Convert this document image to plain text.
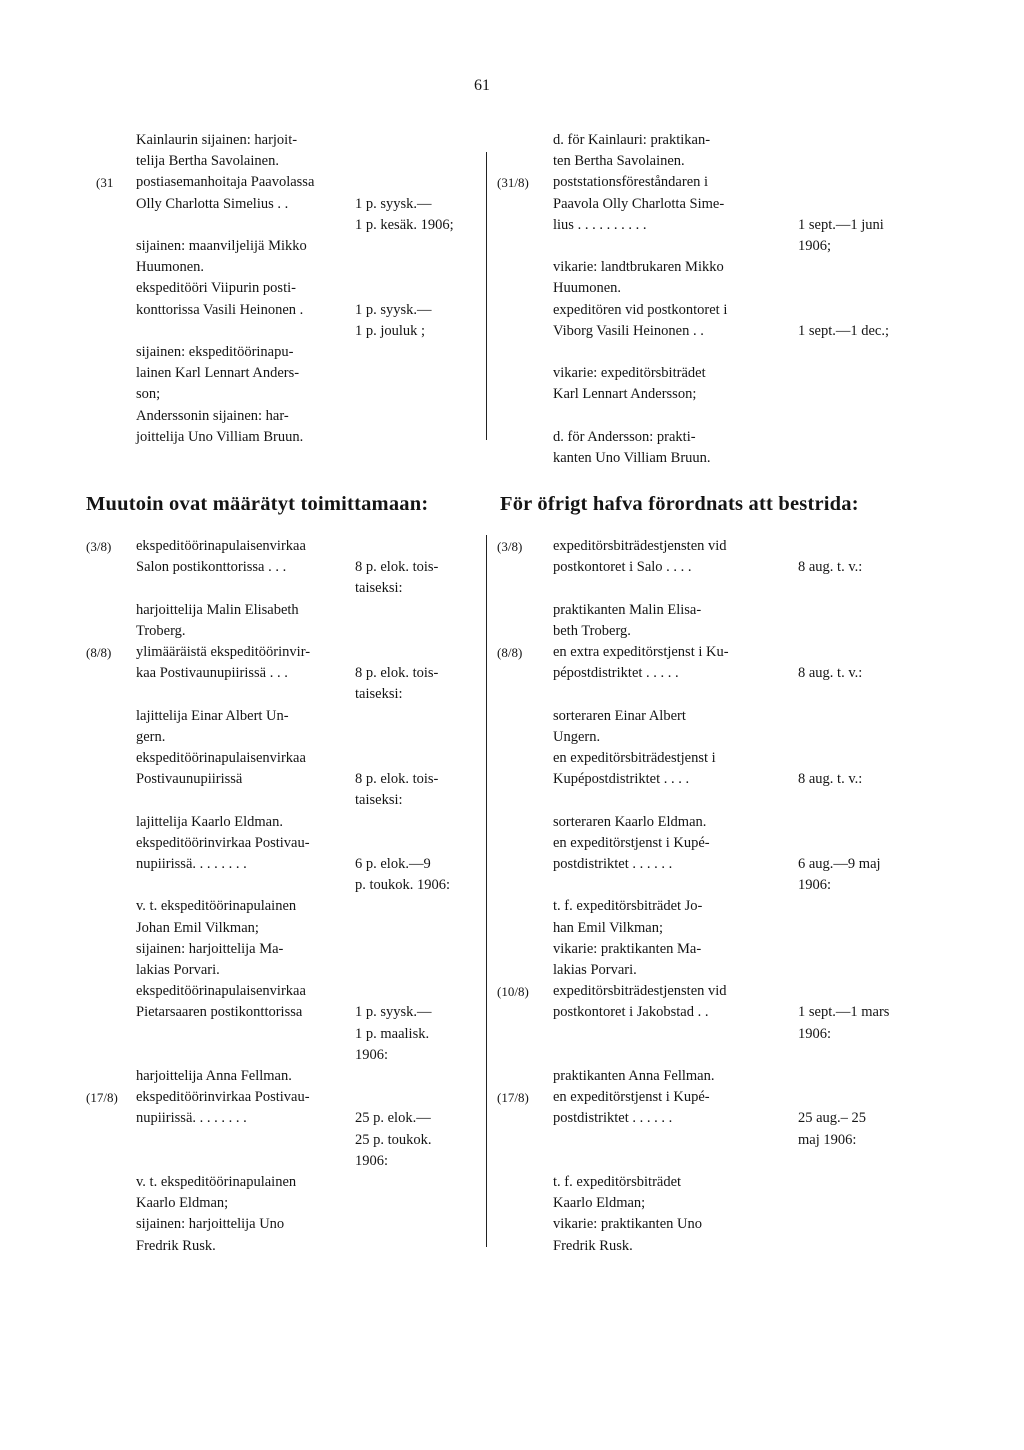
61
Muutoin ovat määrätyt toimittamaan:	För öfrigt hafva förordnats att bestrida:
Kainlaurin sijainen: harjoit-
telija Bertha Savolainen.
postiasemanhoitaja Paavolassa
Olly Charlotta Simelius . .
sijainen: maanviljelijä Mikko
Huumonen.
ekspeditööri Viipurin posti-
konttorissa Vasili Heinonen .
sijainen: ekspeditöörinapu-
lainen Karl Lennart Anders-
son;
Anderssonin sijainen: har-
joittelija Uno Villiam Bruun.
1 p. syysk.—
1 p. kesäk. 1906;
1 p. syysk.—
1 p. jouluk ;
(31
d. för Kainlauri: praktikan-
ten Bertha Savolainen.
poststationsföreståndaren i
Paavola Olly Charlotta Sime-
lius . . . . . . . . . .
vikarie: landtbrukaren Mikko
Huumonen.
expeditören vid postkontoret i
Viborg Vasili Heinonen . .
vikarie: expeditörsbiträdet
Karl Lennart Andersson;
d. för Andersson: prakti-
kanten Uno Villiam Bruun.
1 sept.—1 juni
1906;
1 sept.—1 dec.;
(31/8)
ekspeditöörinapulaisenvirkaa
Salon postikonttorissa . . .
harjoittelija Malin Elisabeth
Troberg.
ylimääräistä ekspeditöörinvir-
kaa Postivaunupiirissä . . .
lajittelija Einar Albert Un-
gern.
ekspeditöörinapulaisenvirkaa
Postivaunupiirissä
lajittelija Kaarlo Eldman.
ekspeditöörinvirkaa Postivau-
nupiirissä. . . . . . . .
v. t. ekspeditöörinapulainen
Johan Emil Vilkman;
sijainen: harjoittelija Ma-
lakias Porvari.
ekspeditöörinapulaisenvirkaa
Pietarsaaren postikonttorissa
harjoittelija Anna Fellman.
ekspeditöörinvirkaa Postivau-
nupiirissä. . . . . . . .
v. t. ekspeditöörinapulainen
Kaarlo Eldman;
sijainen: harjoittelija Uno
Fredrik Rusk.
8 p. elok. tois-
taiseksi:
8 p. elok. tois-
taiseksi:
8 p. elok. tois-
taiseksi:
6 p. elok.—9
p. toukok. 1906:
1 p. syysk.—
1 p. maalisk.
1906:
25 p. elok.—
25 p. toukok.
1906:
(3/8)
(8/8)
(17/8)
expeditörsbiträdestjensten vid
postkontoret i Salo . . . .
praktikanten Malin Elisa-
beth Troberg.
en extra expeditörstjenst i Ku-
pépostdistriktet . . . . .
sorteraren Einar Albert
Ungern.
en expeditörsbiträdestjenst i
Kupépostdistriktet . . . .
sorteraren Kaarlo Eldman.
en expeditörstjenst i Kupé-
postdistriktet . . . . . .
t. f. expeditörsbiträdet Jo-
han Emil Vilkman;
vikarie: praktikanten Ma-
lakias Porvari.
expeditörsbiträdestjensten vid
postkontoret i Jakobstad . .
praktikanten Anna Fellman.
en expeditörstjenst i Kupé-
postdistriktet . . . . . .
t. f. expeditörsbiträdet
Kaarlo Eldman;
vikarie: praktikanten Uno
Fredrik Rusk.
8 aug. t. v.:
8 aug. t. v.:
8 aug. t. v.:
6 aug.—9 maj
1906:
1 sept.—1 mars
1906:
25 aug.– 25
maj 1906:
(3/8)
(8/8)
(10/8)
(17/8)
